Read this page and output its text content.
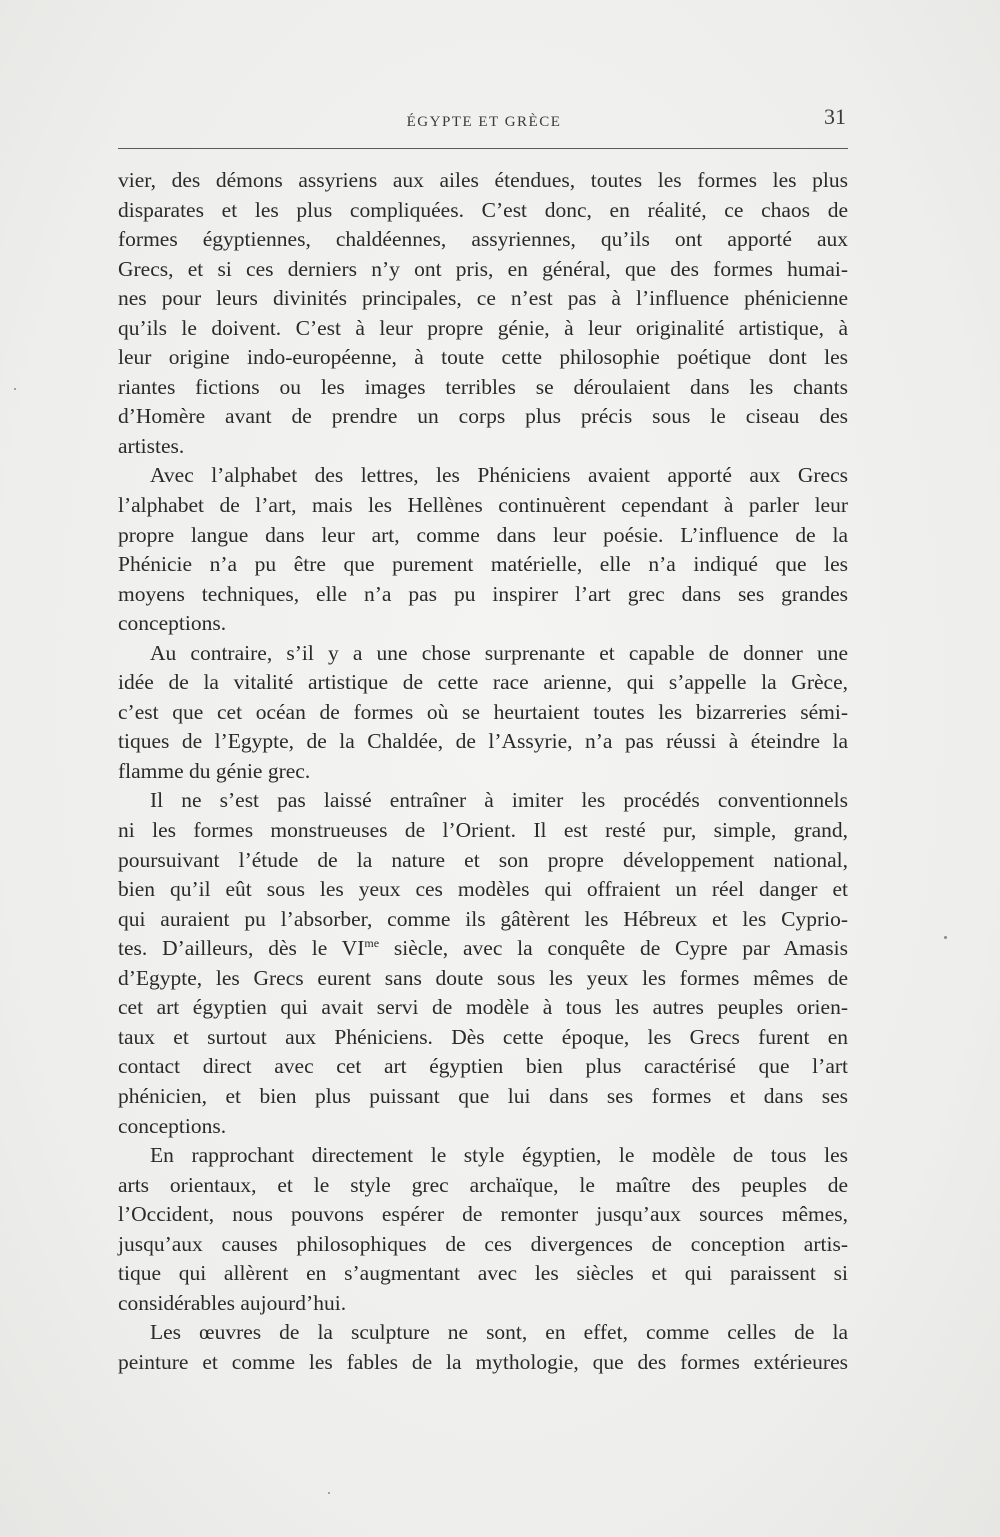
ÉGYPTE ET GRÈCE	31
vier, des démons assyriens aux ailes étendues, toutes les formes les plus
disparates et les plus compliquées. C’est donc, en réalité, ce chaos de
formes égyptiennes, chaldéennes, assyriennes, qu’ils ont apporté aux
Grecs, et si ces derniers n’y ont pris, en général, que des formes humai-
nes pour leurs divinités principales, ce n’est pas à l’influence phénicienne
qu’ils le doivent. C’est à leur propre génie, à leur originalité artistique, à
leur origine indo-européenne, à toute cette philosophie poétique dont les
riantes fictions ou les images terribles se déroulaient dans les chants
d’Homère avant de prendre un corps plus précis sous le ciseau des
artistes.
Avec l’alphabet des lettres, les Phéniciens avaient apporté aux Grecs
l’alphabet de l’art, mais les Hellènes continuèrent cependant à parler leur
propre langue dans leur art, comme dans leur poésie. L’influence de la
Phénicie n’a pu être que purement matérielle, elle n’a indiqué que les
moyens techniques, elle n’a pas pu inspirer l’art grec dans ses grandes
conceptions.
Au contraire, s’il y a une chose surprenante et capable de donner une
idée de la vitalité artistique de cette race arienne, qui s’appelle la Grèce,
c’est que cet océan de formes où se heurtaient toutes les bizarreries sémi-
tiques de l’Egypte, de la Chaldée, de l’Assyrie, n’a pas réussi à éteindre la
flamme du génie grec.
Il ne s’est pas laissé entraîner à imiter les procédés conventionnels
ni les formes monstrueuses de l’Orient. Il est resté pur, simple, grand,
poursuivant l’étude de la nature et son propre développement national,
bien qu’il eût sous les yeux ces modèles qui offraient un réel danger et
qui auraient pu l’absorber, comme ils gâtèrent les Hébreux et les Cyprio-
tes. D’ailleurs, dès le $VI^{me}$ siècle, avec la conquête de Cypre par Amasis
d’Egypte, les Grecs eurent sans doute sous les yeux les formes mêmes de
cet art égyptien qui avait servi de modèle à tous les autres peuples orien-
taux et surtout aux Phéniciens. Dès cette époque, les Grecs furent en
contact direct avec cet art égyptien bien plus caractérisé que l’art
phénicien, et bien plus puissant que lui dans ses formes et dans ses
conceptions.
En rapprochant directement le style égyptien, le modèle de tous les
arts orientaux, et le style grec archaïque, le maître des peuples de
l’Occident, nous pouvons espérer de remonter jusqu’aux sources mêmes,
jusqu’aux causes philosophiques de ces divergences de conception artis-
tique qui allèrent en s’augmentant avec les siècles et qui paraissent si
considérables aujourd’hui.
Les œuvres de la sculpture ne sont, en effet, comme celles de la
peinture et comme les fables de la mythologie, que des formes extérieures
